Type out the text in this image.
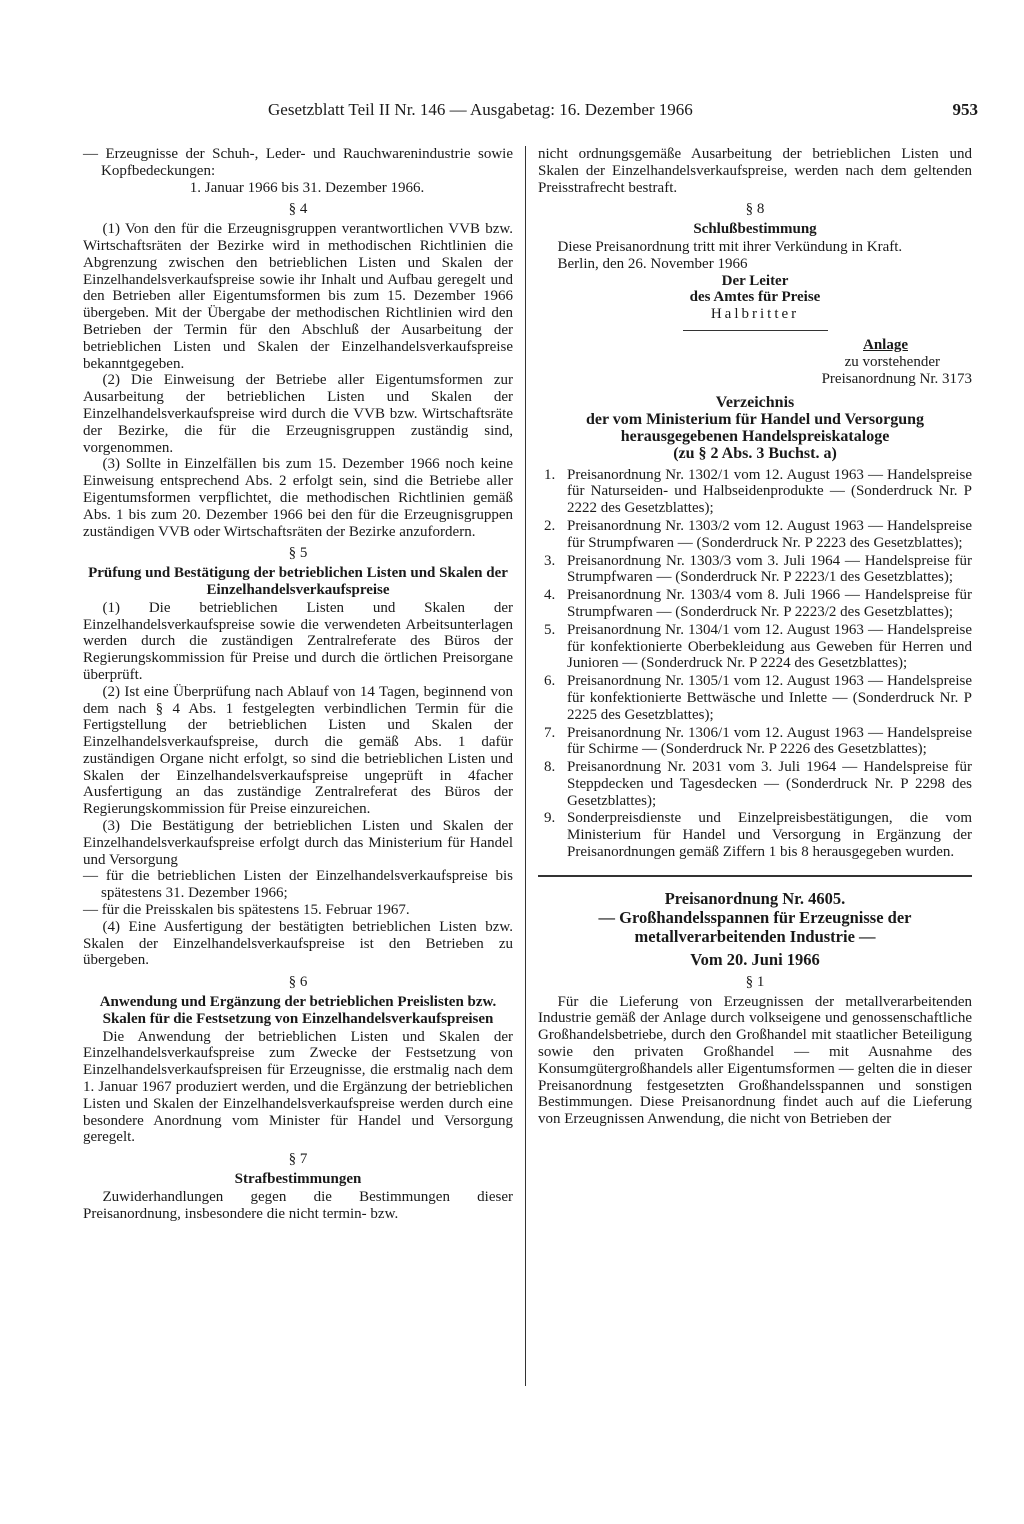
Gesetzblatt Teil II Nr. 146 — Ausgabetag: 16. Dezember 1966	953

— Erzeugnisse der Schuh-, Leder- und Rauchwarenindustrie sowie Kopfbedeckungen:
1. Januar 1966 bis 31. Dezember 1966.

§ 4

(1) Von den für die Erzeugnisgruppen verantwortlichen VVB bzw. Wirtschaftsräten der Bezirke wird in methodischen Richtlinien die Abgrenzung zwischen den betrieblichen Listen und Skalen der Einzelhandelsverkaufspreise sowie ihr Inhalt und Aufbau geregelt und den Betrieben aller Eigentumsformen bis zum 15. Dezember 1966 übergeben. Mit der Übergabe der methodischen Richtlinien wird den Betrieben der Termin für den Abschluß der Ausarbeitung der betrieblichen Listen und Skalen der Einzelhandelsverkaufspreise bekanntgegeben.

(2) Die Einweisung der Betriebe aller Eigentumsformen zur Ausarbeitung der betrieblichen Listen und Skalen der Einzelhandelsverkaufspreise wird durch die VVB bzw. Wirtschaftsräte der Bezirke, die für die Erzeugnisgruppen zuständig sind, vorgenommen.

(3) Sollte in Einzelfällen bis zum 15. Dezember 1966 noch keine Einweisung entsprechend Abs. 2 erfolgt sein, sind die Betriebe aller Eigentumsformen verpflichtet, die methodischen Richtlinien gemäß Abs. 1 bis zum 20. Dezember 1966 bei den für die Erzeugnisgruppen zuständigen VVB oder Wirtschaftsräten der Bezirke anzufordern.

§ 5

Prüfung und Bestätigung der betrieblichen Listen und Skalen der Einzelhandelsverkaufspreise

(1) Die betrieblichen Listen und Skalen der Einzelhandelsverkaufspreise sowie die verwendeten Arbeitsunterlagen werden durch die zuständigen Zentralreferate des Büros der Regierungskommission für Preise und durch die örtlichen Preisorgane überprüft.

(2) Ist eine Überprüfung nach Ablauf von 14 Tagen, beginnend von dem nach § 4 Abs. 1 festgelegten verbindlichen Termin für die Fertigstellung der betrieblichen Listen und Skalen der Einzelhandelsverkaufspreise, durch die gemäß Abs. 1 dafür zuständigen Organe nicht erfolgt, so sind die betrieblichen Listen und Skalen der Einzelhandelsverkaufspreise ungeprüft in 4facher Ausfertigung an das zuständige Zentralreferat des Büros der Regierungskommission für Preise einzureichen.

(3) Die Bestätigung der betrieblichen Listen und Skalen der Einzelhandelsverkaufspreise erfolgt durch das Ministerium für Handel und Versorgung

— für die betrieblichen Listen der Einzelhandelsverkaufspreise bis spätestens 31. Dezember 1966;

— für die Preisskalen bis spätestens 15. Februar 1967.

(4) Eine Ausfertigung der bestätigten betrieblichen Listen bzw. Skalen der Einzelhandelsverkaufspreise ist den Betrieben zu übergeben.

§ 6

Anwendung und Ergänzung der betrieblichen Preislisten bzw. Skalen für die Festsetzung von Einzelhandelsverkaufspreisen

Die Anwendung der betrieblichen Listen und Skalen der Einzelhandelsverkaufspreise zum Zwecke der Festsetzung von Einzelhandelsverkaufspreisen für Erzeugnisse, die erstmalig nach dem 1. Januar 1967 produziert werden, und die Ergänzung der betrieblichen Listen und Skalen der Einzelhandelsverkaufspreise werden durch eine besondere Anordnung vom Minister für Handel und Versorgung geregelt.

§ 7

Strafbestimmungen

Zuwiderhandlungen gegen die Bestimmungen dieser Preisanordnung, insbesondere die nicht termin- bzw.

nicht ordnungsgemäße Ausarbeitung der betrieblichen Listen und Skalen der Einzelhandelsverkaufspreise, werden nach dem geltenden Preisstrafrecht bestraft.

§ 8

Schlußbestimmung

Diese Preisanordnung tritt mit ihrer Verkündung in Kraft.

Berlin, den 26. November 1966

Der Leiter

des Amtes für Preise

Halbritter

Anlage

zu vorstehender

Preisanordnung Nr. 3173

Verzeichnis

der vom Ministerium für Handel und Versorgung herausgegebenen Handelspreiskataloge

(zu § 2 Abs. 3 Buchst. a)

1. Preisanordnung Nr. 1302/1 vom 12. August 1963 — Handelspreise für Naturseiden- und Halbseidenprodukte — (Sonderdruck Nr. P 2222 des Gesetzblattes);
2. Preisanordnung Nr. 1303/2 vom 12. August 1963 — Handelspreise für Strumpfwaren — (Sonderdruck Nr. P 2223 des Gesetzblattes);
3. Preisanordnung Nr. 1303/3 vom 3. Juli 1964 — Handelspreise für Strumpfwaren — (Sonderdruck Nr. P 2223/1 des Gesetzblattes);
4. Preisanordnung Nr. 1303/4 vom 8. Juli 1966 — Handelspreise für Strumpfwaren — (Sonderdruck Nr. P 2223/2 des Gesetzblattes);
5. Preisanordnung Nr. 1304/1 vom 12. August 1963 — Handelspreise für konfektionierte Oberbekleidung aus Geweben für Herren und Junioren — (Sonderdruck Nr. P 2224 des Gesetzblattes);
6. Preisanordnung Nr. 1305/1 vom 12. August 1963 — Handelspreise für konfektionierte Bettwäsche und Inlette — (Sonderdruck Nr. P 2225 des Gesetzblattes);
7. Preisanordnung Nr. 1306/1 vom 12. August 1963 — Handelspreise für Schirme — (Sonderdruck Nr. P 2226 des Gesetzblattes);
8. Preisanordnung Nr. 2031 vom 3. Juli 1964 — Handelspreise für Steppdecken und Tagesdecken — (Sonderdruck Nr. P 2298 des Gesetzblattes);
9. Sonderpreisdienste und Einzelpreisbestätigungen, die vom Ministerium für Handel und Versorgung in Ergänzung der Preisanordnungen gemäß Ziffern 1 bis 8 herausgegeben wurden.

Preisanordnung Nr. 4605.

— Großhandelsspannen für Erzeugnisse der metallverarbeitenden Industrie —

Vom 20. Juni 1966

§ 1

Für die Lieferung von Erzeugnissen der metallverarbeitenden Industrie gemäß der Anlage durch volkseigene und genossenschaftliche Großhandelsbetriebe, durch den Großhandel mit staatlicher Beteiligung sowie den privaten Großhandel — mit Ausnahme des Konsumgütergroßhandels aller Eigentumsformen — gelten die in dieser Preisanordnung festgesetzten Großhandelsspannen und sonstigen Bestimmungen. Diese Preisanordnung findet auch auf die Lieferung von Erzeugnissen Anwendung, die nicht von Betrieben der
